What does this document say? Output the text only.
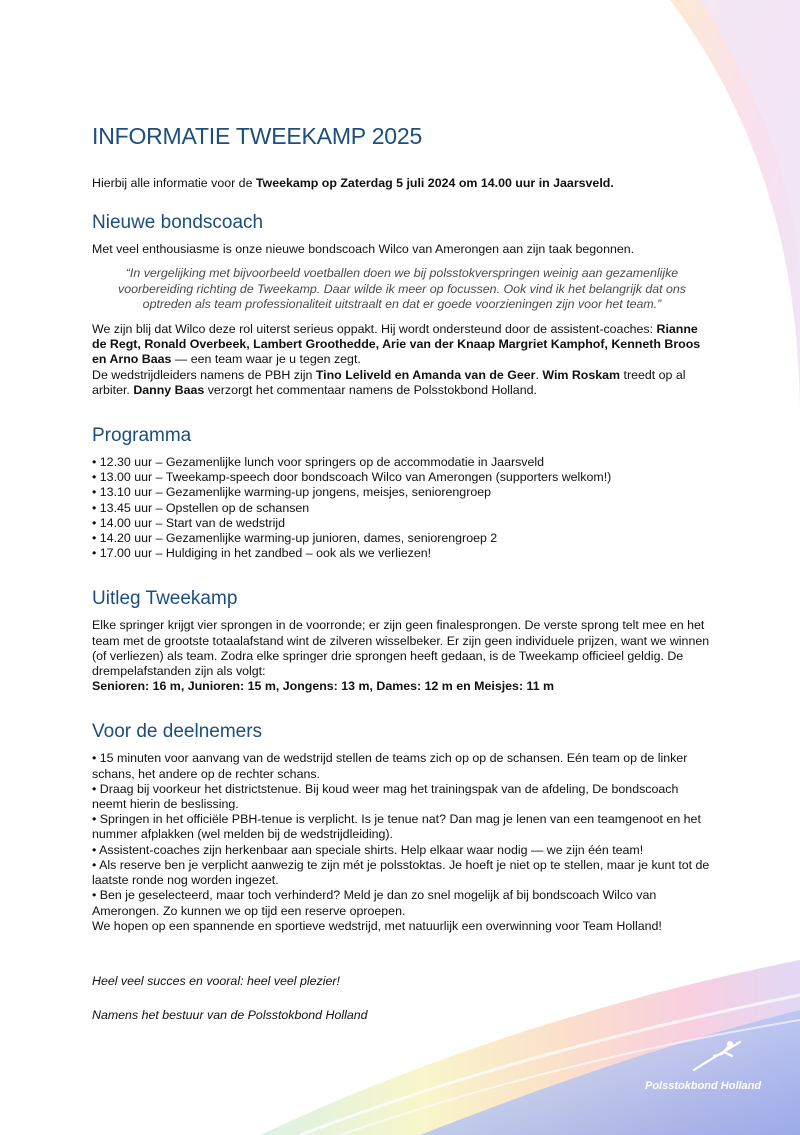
INFORMATIE TWEEKAMP 2025

Hierbij alle informatie voor de Tweekamp op Zaterdag 5 juli 2024 om 14.00 uur in Jaarsveld.

Nieuwe bondscoach

Met veel enthousiasme is onze nieuwe bondscoach Wilco van Amerongen aan zijn taak begonnen.

“In vergelijking met bijvoorbeeld voetballen doen we bij polsstokverspringen weinig aan gezamenlijke voorbereiding richting de Tweekamp. Daar wilde ik meer op focussen. Ook vind ik het belangrijk dat ons optreden als team professionaliteit uitstraalt en dat er goede voorzieningen zijn voor het team.”

We zijn blij dat Wilco deze rol uiterst serieus oppakt. Hij wordt ondersteund door de assistent-coaches: Rianne de Regt, Ronald Overbeek, Lambert Groothedde, Arie van der Knaap Margriet Kamphof, Kenneth Broos en Arno Baas — een team waar je u tegen zegt.

De wedstrijdleiders namens de PBH zijn Tino Leliveld en Amanda van de Geer. Wim Roskam treedt op al arbiter. Danny Baas verzorgt het commentaar namens de Polsstokbond Holland.

Programma
• 12.30 uur – Gezamenlijke lunch voor springers op de accommodatie in Jaarsveld
• 13.00 uur – Tweekamp-speech door bondscoach Wilco van Amerongen (supporters welkom!)
• 13.10 uur – Gezamenlijke warming-up jongens, meisjes, seniorengroep
• 13.45 uur – Opstellen op de schansen
• 14.00 uur – Start van de wedstrijd
• 14.20 uur – Gezamenlijke warming-up junioren, dames, seniorengroep 2
• 17.00 uur – Huldiging in het zandbed – ook als we verliezen!
Uitleg Tweekamp

Elke springer krijgt vier sprongen in de voorronde; er zijn geen finalesprongen. De verste sprong telt mee en het team met de grootste totaalafstand wint de zilveren wisselbeker. Er zijn geen individuele prijzen, want we winnen (of verliezen) als team. Zodra elke springer drie sprongen heeft gedaan, is de Tweekamp officieel geldig. De drempelafstanden zijn als volgt:

Senioren: 16 m, Junioren: 15 m, Jongens: 13 m, Dames: 12 m en Meisjes: 11 m

Voor de deelnemers
• 15 minuten voor aanvang van de wedstrijd stellen de teams zich op op de schansen. Eén team op de linker schans, het andere op de rechter schans.
• Draag bij voorkeur het districtstenue. Bij koud weer mag het trainingspak van de afdeling, De bondscoach neemt hierin de beslissing.
• Springen in het officiële PBH-tenue is verplicht. Is je tenue nat? Dan mag je lenen van een teamgenoot en het nummer afplakken (wel melden bij de wedstrijdleiding).
• Assistent-coaches zijn herkenbaar aan speciale shirts. Help elkaar waar nodig — we zijn één team!
• Als reserve ben je verplicht aanwezig te zijn mét je polsstoktas. Je hoeft je niet op te stellen, maar je kunt tot de laatste ronde nog worden ingezet.
• Ben je geselecteerd, maar toch verhinderd? Meld je dan zo snel mogelijk af bij bondscoach Wilco van Amerongen. Zo kunnen we op tijd een reserve oproepen.

We hopen op een spannende en sportieve wedstrijd, met natuurlijk een overwinning voor Team Holland!

Heel veel succes en vooral: heel veel plezier!

Namens het bestuur van de Polsstokbond Holland

Polsstokbond Holland
